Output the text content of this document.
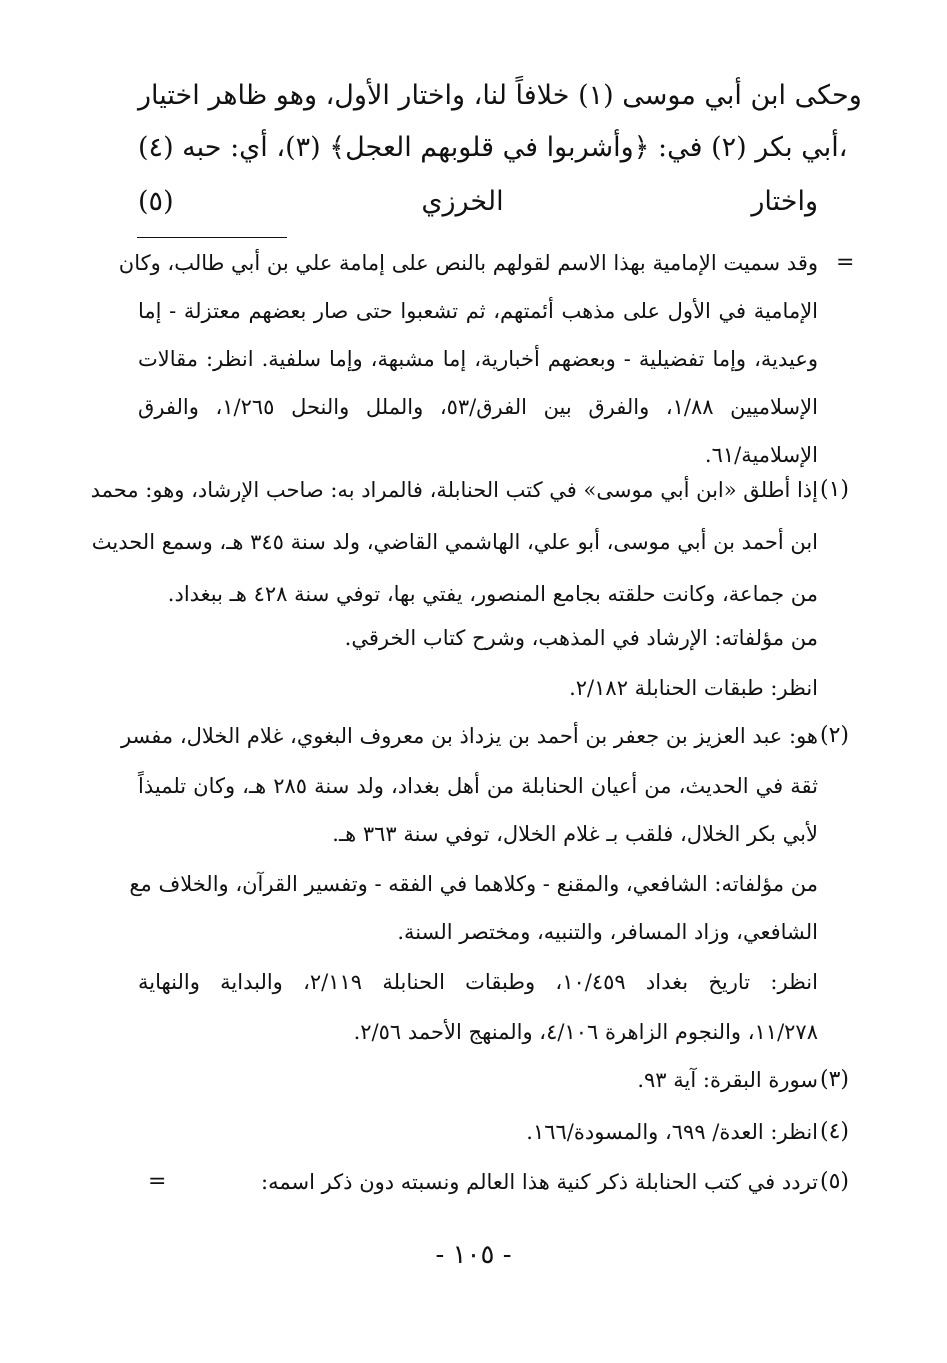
وحكى ابن أبي موسى (١) خلافاً لنا، واختار الأول، وهو ظاهر اختيار
أبي بكر (٢) في: ﴿وأشربوا في قلوبهم العجل﴾ (٣)، أي: حبه (٤)،
واختار الخرزي (٥)
=
وقد سميت الإمامية بهذا الاسم لقولهم بالنص على إمامة علي بن أبي طالب، وكان
الإمامية في الأول على مذهب أئمتهم، ثم تشعبوا حتى صار بعضهم معتزلة - إما
وعيدية، وإما تفضيلية - وبعضهم أخبارية، إما مشبهة، وإما سلفية. انظر: مقالات
الإسلاميين ١/٨٨، والفرق بين الفرق/٥٣، والملل والنحل ١/٢٦٥، والفرق
الإسلامية/٦١.
(١)
إذا أطلق «ابن أبي موسى» في كتب الحنابلة، فالمراد به: صاحب الإرشاد، وهو: محمد
ابن أحمد بن أبي موسى، أبو علي، الهاشمي القاضي، ولد سنة ٣٤٥ هـ، وسمع الحديث
من جماعة، وكانت حلقته بجامع المنصور، يفتي بها، توفي سنة ٤٢٨ هـ ببغداد.
من مؤلفاته: الإرشاد في المذهب، وشرح كتاب الخرقي.
انظر: طبقات الحنابلة ٢/١٨٢.
(٢)
هو: عبد العزيز بن جعفر بن أحمد بن يزداذ بن معروف البغوي، غلام الخلال، مفسر
ثقة في الحديث، من أعيان الحنابلة من أهل بغداد، ولد سنة ٢٨٥ هـ، وكان تلميذاً
لأبي بكر الخلال، فلقب بـ غلام الخلال، توفي سنة ٣٦٣ هـ.
من مؤلفاته: الشافعي، والمقنع - وكلاهما في الفقه - وتفسير القرآن، والخلاف مع
الشافعي، وزاد المسافر، والتنبيه، ومختصر السنة.
انظر: تاريخ بغداد ١٠/٤٥٩، وطبقات الحنابلة ٢/١١٩، والبداية والنهاية
١١/٢٧٨، والنجوم الزاهرة ٤/١٠٦، والمنهج الأحمد ٢/٥٦.
(٣)
سورة البقرة: آية ٩٣.
(٤)
انظر: العدة/ ٦٩٩، والمسودة/١٦٦.
(٥)
تردد في كتب الحنابلة ذكر كنية هذا العالم ونسبته دون ذكر اسمه:
=
- ١٠٥ -
